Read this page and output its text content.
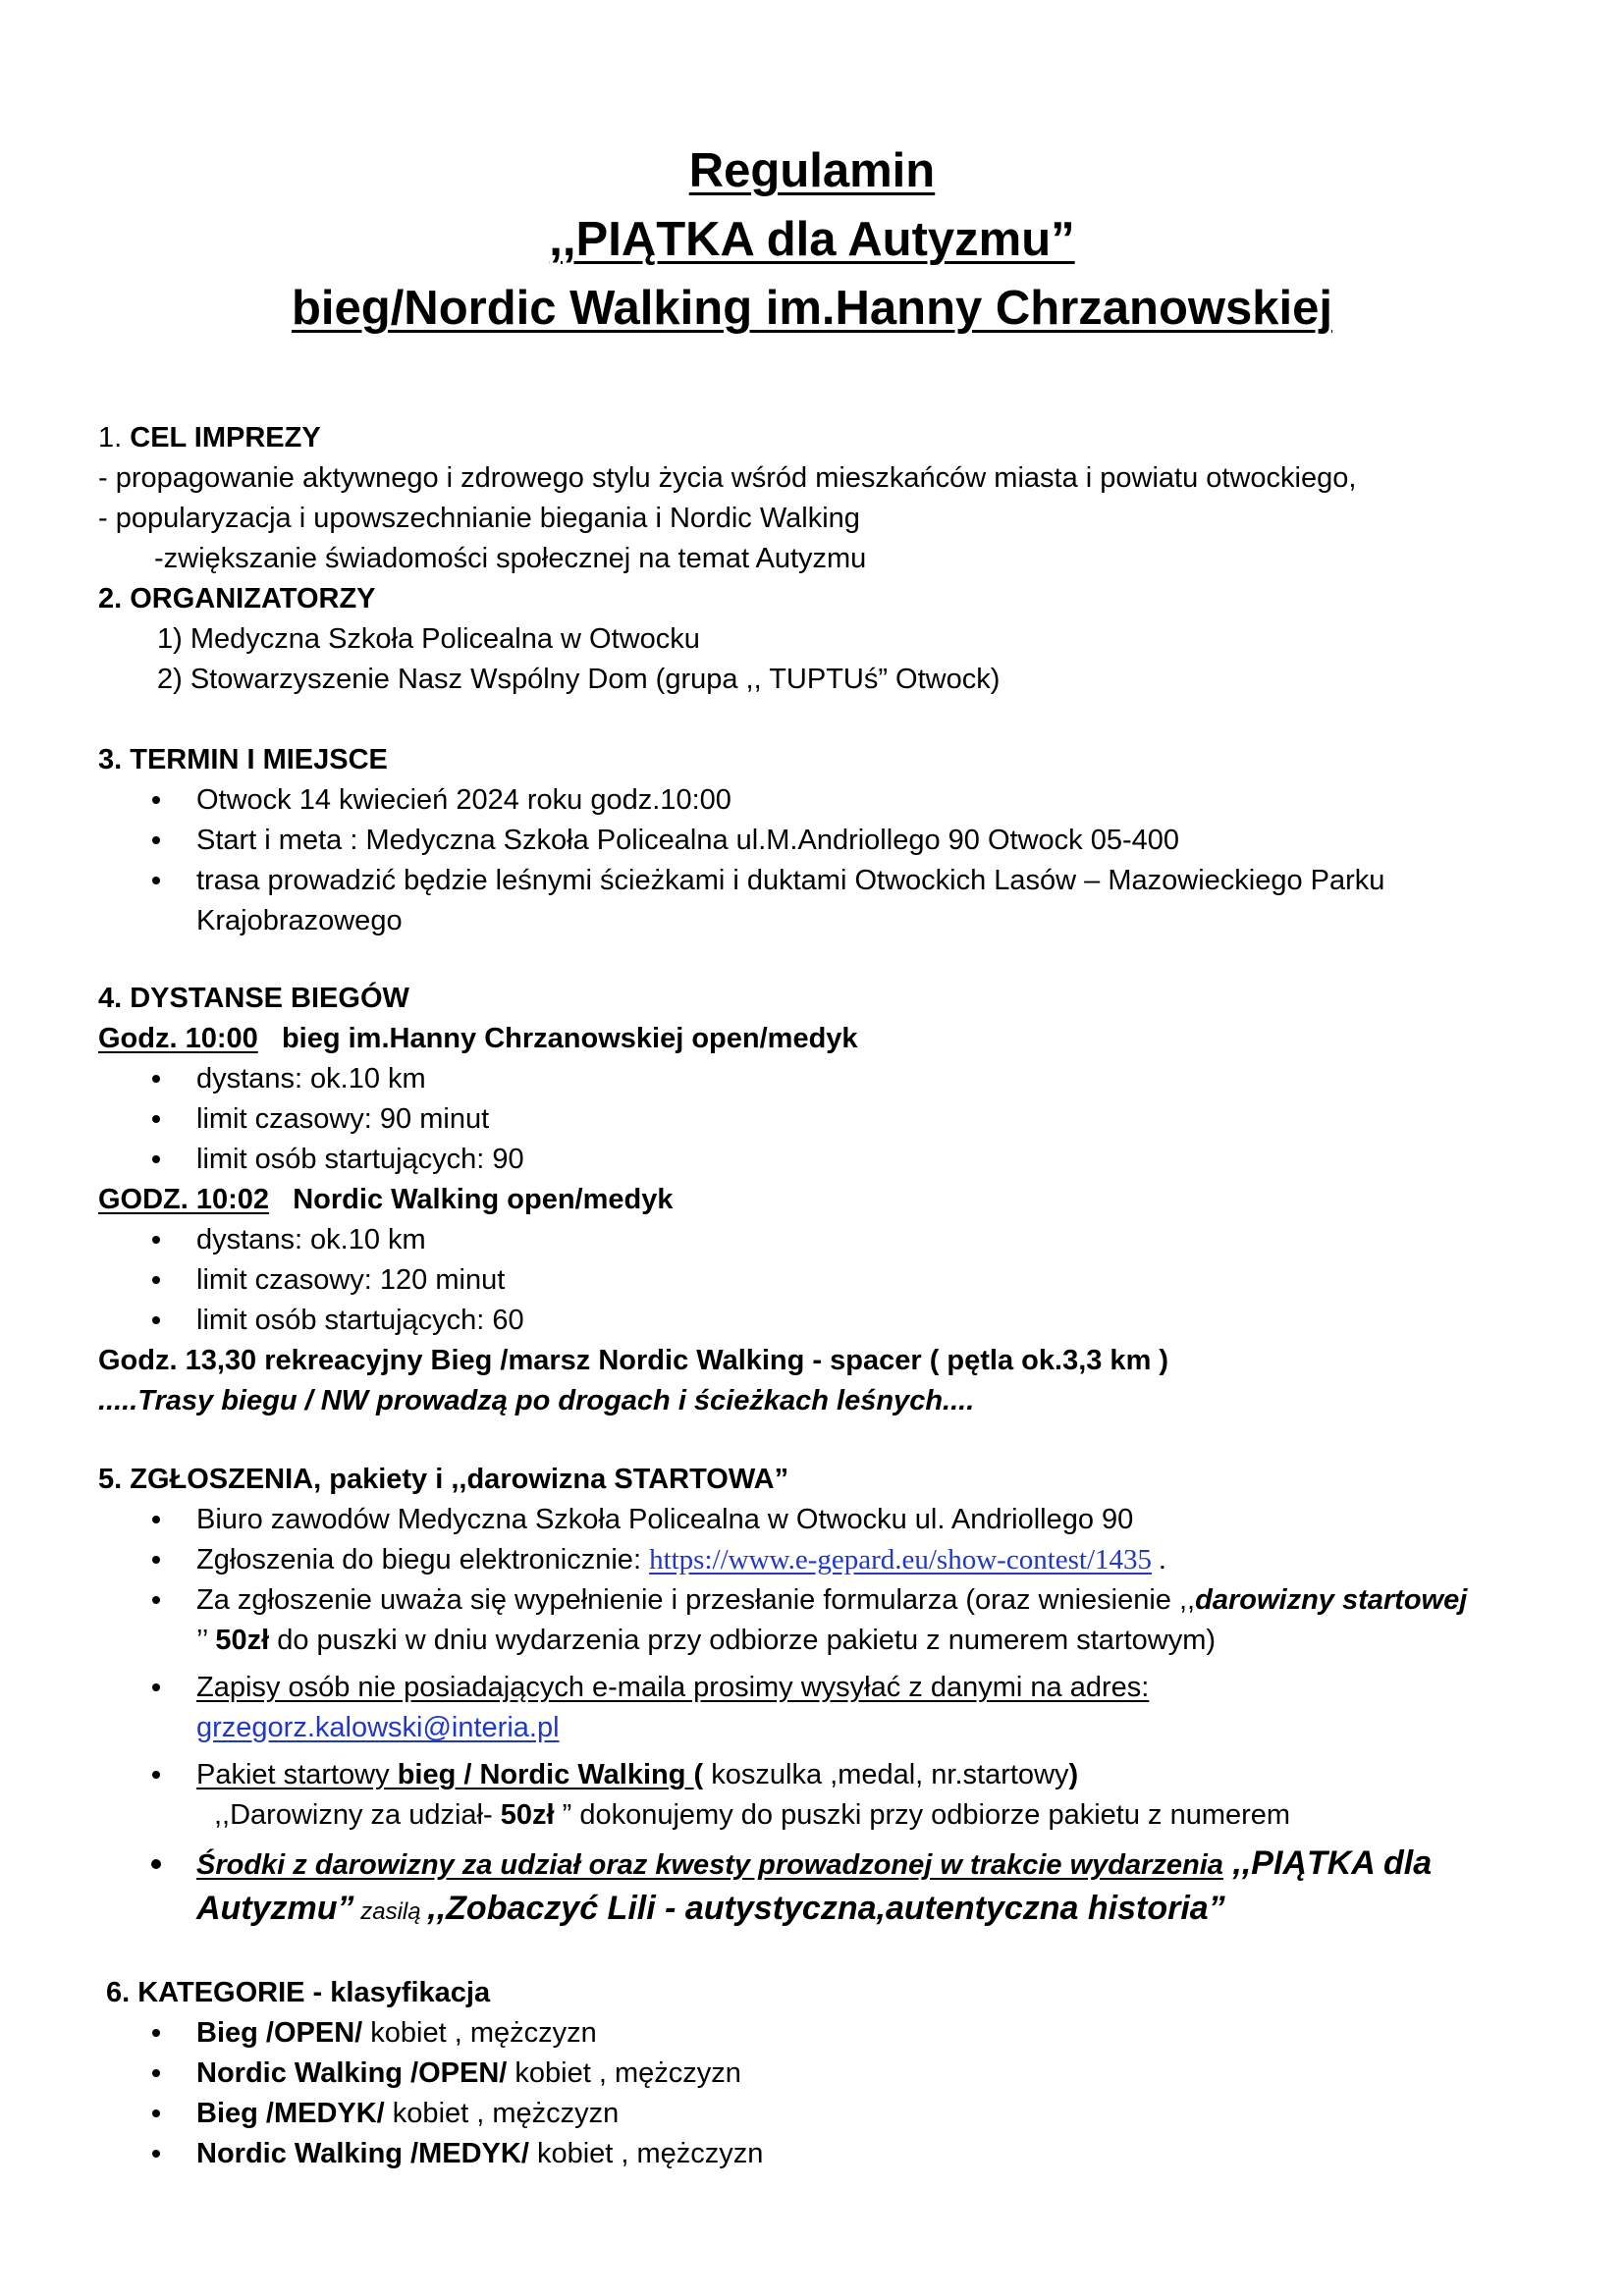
Regulamin
,,PIĄTKA dla Autyzmu”
bieg/Nordic Walking im.Hanny Chrzanowskiej
1. CEL IMPREZY
- propagowanie aktywnego i zdrowego stylu życia wśród mieszkańców miasta i powiatu otwockiego,
- popularyzacja i upowszechnianie biegania i Nordic Walking
-zwiększanie świadomości społecznej na temat Autyzmu
2. ORGANIZATORZY
1) Medyczna Szkoła Policealna w Otwocku
2) Stowarzyszenie Nasz Wspólny Dom (grupa ,, TUPTUś” Otwock)
3. TERMIN I MIEJSCE
Otwock 14 kwiecień 2024 roku godz.10:00
Start i meta : Medyczna Szkoła Policealna ul.M.Andriollego 90 Otwock 05-400
trasa prowadzić będzie leśnymi ścieżkami i duktami Otwockich Lasów – Mazowieckiego Parku
Krajobrazowego
4. DYSTANSE BIEGÓW
Godz. 10:00 bieg im.Hanny Chrzanowskiej open/medyk
dystans: ok.10 km
limit czasowy: 90 minut
limit osób startujących: 90
GODZ. 10:02 Nordic Walking open/medyk
dystans: ok.10 km
limit czasowy: 120 minut
limit osób startujących: 60
Godz. 13,30 rekreacyjny Bieg /marsz Nordic Walking - spacer ( pętla ok.3,3 km )
.....Trasy biegu / NW prowadzą po drogach i ścieżkach leśnych....
5. ZGŁOSZENIA, pakiety i ,,darowizna STARTOWA”
Biuro zawodów Medyczna Szkoła Policealna w Otwocku ul. Andriollego 90
Zgłoszenia do biegu elektronicznie: https://www.e-gepard.eu/show-contest/1435 .
Za zgłoszenie uważa się wypełnienie i przesłanie formularza (oraz wniesienie ,,darowizny startowej
’’ 50zł do puszki w dniu wydarzenia przy odbiorze pakietu z numerem startowym)
Zapisy osób nie posiadających e-maila prosimy wysyłać z danymi na adres:
grzegorz.kalowski@interia.pl
Pakiet startowy bieg / Nordic Walking ( koszulka ,medal, nr.startowy)
,,Darowizny za udział- 50zł ” dokonujemy do puszki przy odbiorze pakietu z numerem
Środki z darowizny za udział oraz kwesty prowadzonej w trakcie wydarzenia ,,PIĄTKA dla
Autyzmu” zasilą ,,Zobaczyć Lili - autystyczna,autentyczna historia”
6. KATEGORIE - klasyfikacja
Bieg /OPEN/ kobiet , mężczyzn
Nordic Walking /OPEN/ kobiet , mężczyzn
Bieg /MEDYK/ kobiet , mężczyzn
Nordic Walking /MEDYK/ kobiet , mężczyzn
